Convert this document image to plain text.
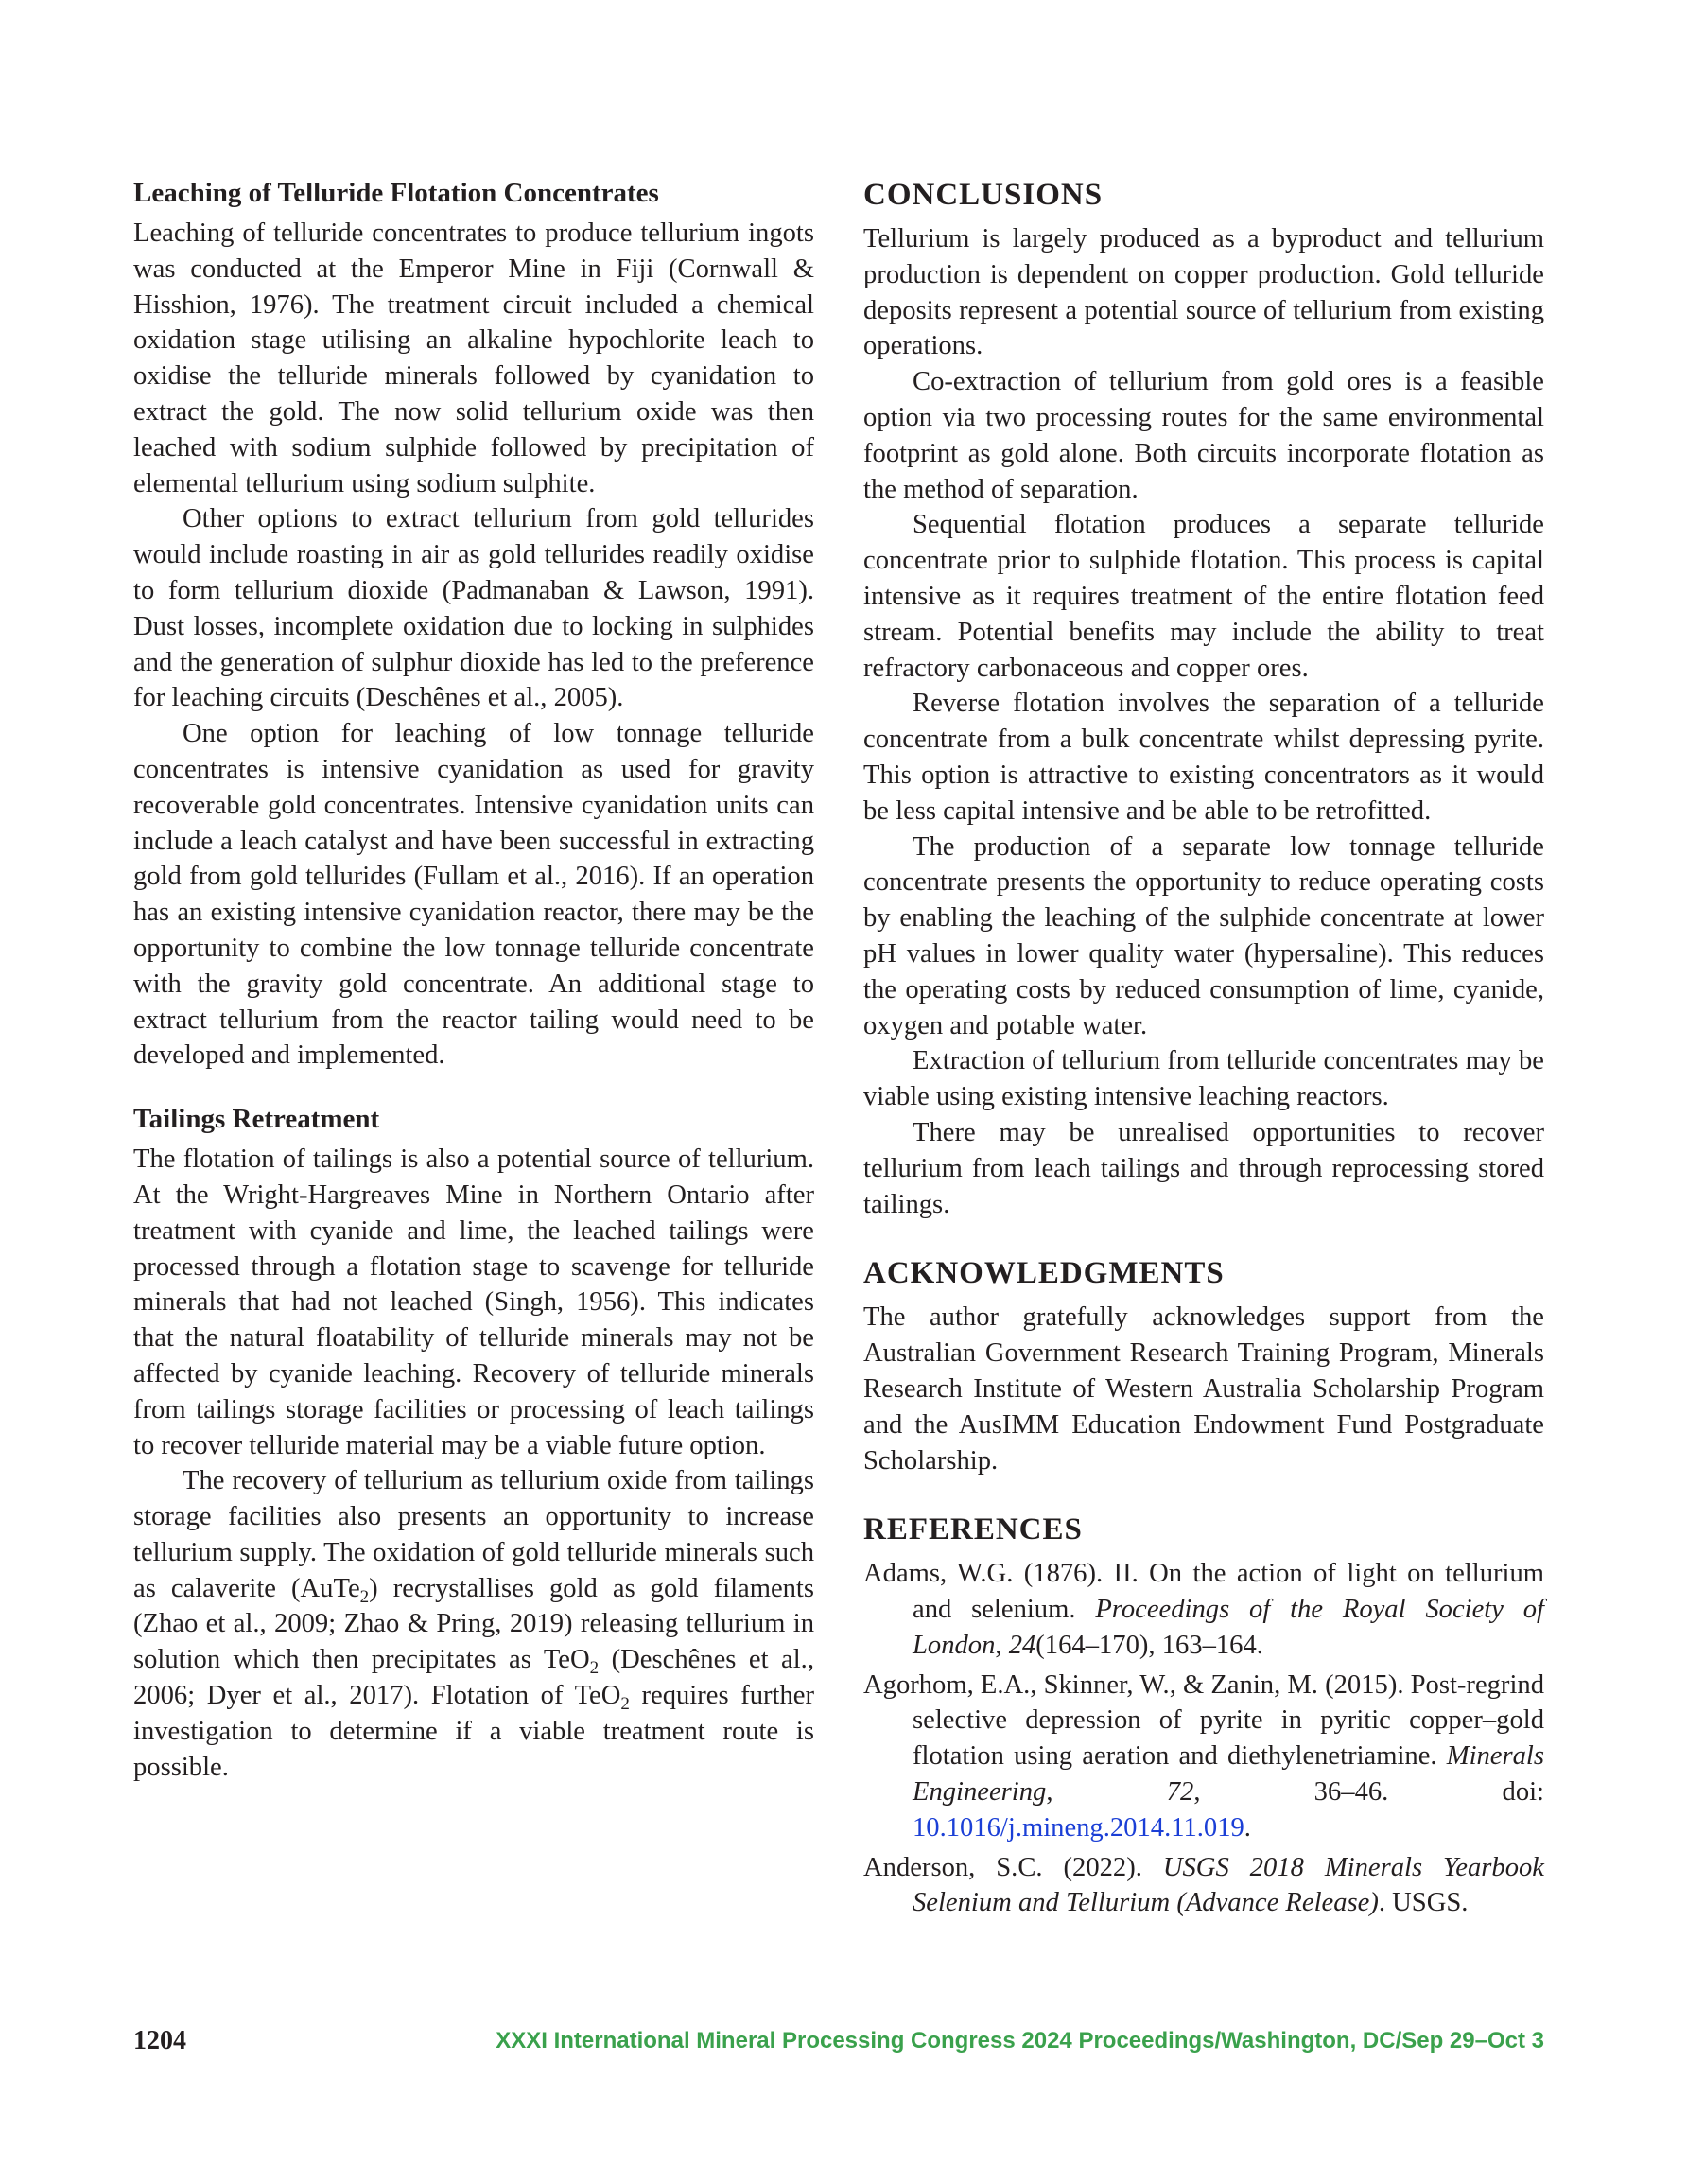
Leaching of Telluride Flotation Concentrates

Leaching of telluride concentrates to produce tellurium ingots was conducted at the Emperor Mine in Fiji (Cornwall & Hisshion, 1976). The treatment circuit included a chemical oxidation stage utilising an alkaline hypochlorite leach to oxidise the telluride minerals followed by cyanidation to extract the gold. The now solid tellurium oxide was then leached with sodium sulphide followed by precipitation of elemental tellurium using sodium sulphite.

Other options to extract tellurium from gold tellurides would include roasting in air as gold tellurides readily oxidise to form tellurium dioxide (Padmanaban & Lawson, 1991). Dust losses, incomplete oxidation due to locking in sulphides and the generation of sulphur dioxide has led to the preference for leaching circuits (Deschênes et al., 2005).

One option for leaching of low tonnage telluride concentrates is intensive cyanidation as used for gravity recoverable gold concentrates. Intensive cyanidation units can include a leach catalyst and have been successful in extracting gold from gold tellurides (Fullam et al., 2016). If an operation has an existing intensive cyanidation reactor, there may be the opportunity to combine the low tonnage telluride concentrate with the gravity gold concentrate. An additional stage to extract tellurium from the reactor tailing would need to be developed and implemented.

Tailings Retreatment

The flotation of tailings is also a potential source of tellurium. At the Wright-Hargreaves Mine in Northern Ontario after treatment with cyanide and lime, the leached tailings were processed through a flotation stage to scavenge for telluride minerals that had not leached (Singh, 1956). This indicates that the natural floatability of telluride minerals may not be affected by cyanide leaching. Recovery of telluride minerals from tailings storage facilities or processing of leach tailings to recover telluride material may be a viable future option.

The recovery of tellurium as tellurium oxide from tailings storage facilities also presents an opportunity to increase tellurium supply. The oxidation of gold telluride minerals such as calaverite (AuTe$_2$) recrystallises gold as gold filaments (Zhao et al., 2009; Zhao & Pring, 2019) releasing tellurium in solution which then precipitates as TeO$_2$ (Deschênes et al., 2006; Dyer et al., 2017). Flotation of TeO$_2$ requires further investigation to determine if a viable treatment route is possible.

CONCLUSIONS

Tellurium is largely produced as a byproduct and tellurium production is dependent on copper production. Gold telluride deposits represent a potential source of tellurium from existing operations.

Co-extraction of tellurium from gold ores is a feasible option via two processing routes for the same environmental footprint as gold alone. Both circuits incorporate flotation as the method of separation.

Sequential flotation produces a separate telluride concentrate prior to sulphide flotation. This process is capital intensive as it requires treatment of the entire flotation feed stream. Potential benefits may include the ability to treat refractory carbonaceous and copper ores.

Reverse flotation involves the separation of a telluride concentrate from a bulk concentrate whilst depressing pyrite. This option is attractive to existing concentrators as it would be less capital intensive and be able to be retrofitted.

The production of a separate low tonnage telluride concentrate presents the opportunity to reduce operating costs by enabling the leaching of the sulphide concentrate at lower pH values in lower quality water (hypersaline). This reduces the operating costs by reduced consumption of lime, cyanide, oxygen and potable water.

Extraction of tellurium from telluride concentrates may be viable using existing intensive leaching reactors.

There may be unrealised opportunities to recover tellurium from leach tailings and through reprocessing stored tailings.

ACKNOWLEDGMENTS

The author gratefully acknowledges support from the Australian Government Research Training Program, Minerals Research Institute of Western Australia Scholarship Program and the AusIMM Education Endowment Fund Postgraduate Scholarship.

REFERENCES
Adams, W.G. (1876). II. On the action of light on tellurium and selenium. Proceedings of the Royal Society of London, 24(164–170), 163–164.
Agorhom, E.A., Skinner, W., & Zanin, M. (2015). Post-regrind selective depression of pyrite in pyritic copper–gold flotation using aeration and diethylenetriamine. Minerals Engineering, 72, 36–46. doi: 10.1016/j.mineng.2014.11.019.
Anderson, S.C. (2022). USGS 2018 Minerals Yearbook Selenium and Tellurium (Advance Release). USGS.
1204	XXXI International Mineral Processing Congress 2024 Proceedings/Washington, DC/Sep 29–Oct 3
